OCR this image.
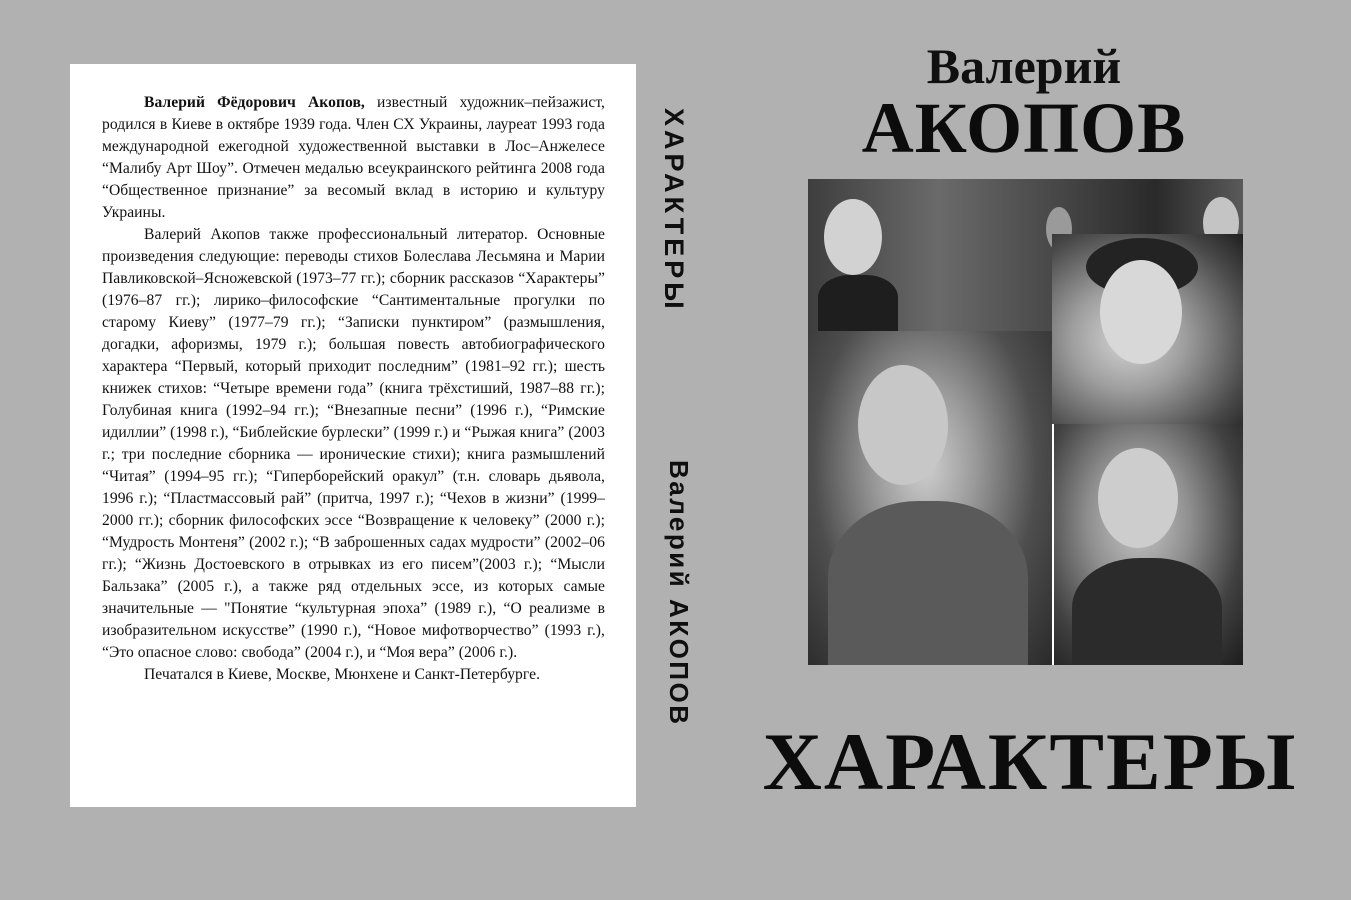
Валерий Фёдорович Акопов, известный художник–пейзажист, родился в Киеве в октябре 1939 года. Член СХ Украины, лауреат 1993 года международной ежегодной художественной выставки в Лос–Анжелесе “Малибу Арт Шоу”. Отмечен медалью всеукраинского рейтинга 2008 года “Общественное признание” за весомый вклад в историю и культуру Украины.

Валерий Акопов также профессиональный литератор. Основные произведения следующие: переводы стихов Болеслава Лесьмяна и Марии Павликовской–Ясножевской (1973–77 гг.); сборник рассказов “Характеры” (1976–87 гг.); лирико–философские “Сантиментальные прогулки по старому Киеву” (1977–79 гг.); “Записки пунктиром” (размышления, догадки, афоризмы, 1979 г.); большая повесть автобиографического характера “Первый, который приходит последним” (1981–92 гг.); шесть книжек стихов: “Четыре времени года” (книга трёхстиший, 1987–88 гг.); Голубиная книга (1992–94 гг.); “Внезапные песни” (1996 г.), “Римские идиллии” (1998 г.), “Библейские бурлески” (1999 г.) и “Рыжая книга” (2003 г.; три последние сборника — иронические стихи); книга размышлений “Читая” (1994–95 гг.); “Гиперборейский оракул” (т.н. словарь дьявола, 1996 г.); “Пластмассовый рай” (притча, 1997 г.); “Чехов в жизни” (1999–2000 гг.); сборник философских эссе “Возвращение к человеку” (2000 г.); “Мудрость Монтеня” (2002 г.); “В заброшенных садах мудрости” (2002–06 гг.); “Жизнь Достоевского в отрывках из его писем”(2003 г.); “Мысли Бальзака” (2005 г.), а также ряд отдельных эссе, из которых самые значительные — "Понятие “культурная эпоха” (1989 г.), “О реализме в изобразительном искусстве” (1990 г.), “Новое мифотворчество” (1993 г.), “Это опасное слово: свобода” (2004 г.), и “Моя вера” (2006 г.).

Печатался в Киеве, Москве, Мюнхене и Санкт-Петербурге.

ХАРАКТЕРЫ
Валерий АКОПОВ
Валерий
АКОПОВ
ХАРАКТЕРЫ
